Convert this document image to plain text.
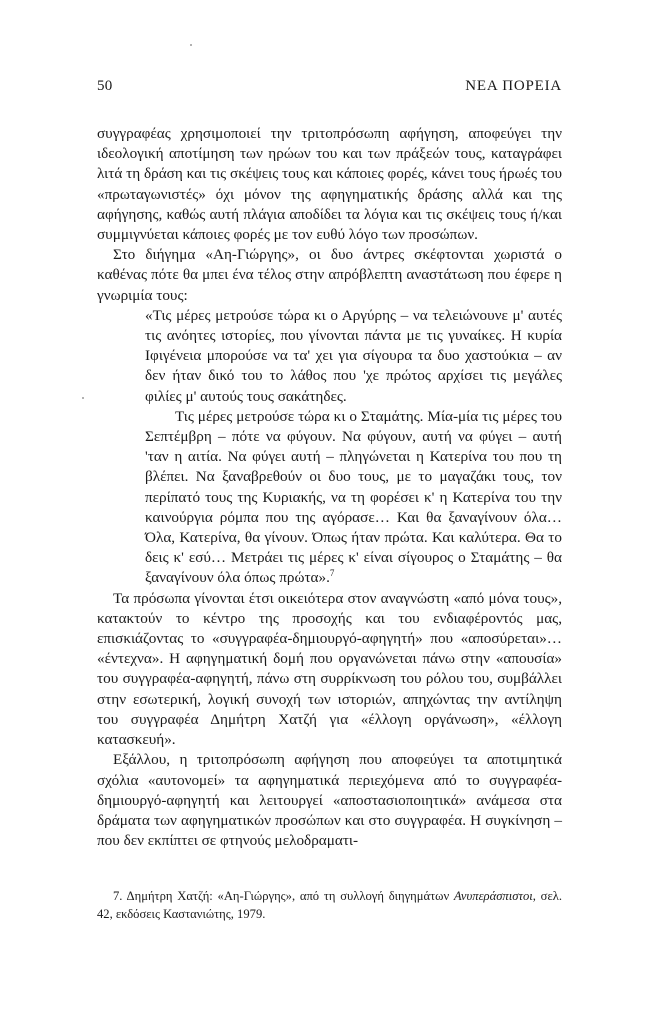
50	ΝΕΑ ΠΟΡΕΙΑ

συγγραφέας χρησιμοποιεί την τριτοπρόσωπη αφήγηση, αποφεύγει την ιδεολογική αποτίμηση των ηρώων του και των πράξεών τους, καταγράφει λιτά τη δράση και τις σκέψεις τους και κάποιες φορές, κάνει τους ήρωές του «πρωταγωνιστές» όχι μόνον της αφηγηματικής δράσης αλλά και της αφήγησης, καθώς αυτή πλάγια αποδίδει τα λόγια και τις σκέψεις τους ή/και συμμιγνύεται κάποιες φορές με τον ευθύ λόγο των προσώπων.

Στο διήγημα «Αη-Γιώργης», οι δυο άντρες σκέφτονται χωριστά ο καθένας πότε θα μπει ένα τέλος στην απρόβλεπτη αναστάτωση που έφερε η γνωριμία τους:

«Τις μέρες μετρούσε τώρα κι ο Αργύρης – να τελειώνουνε μ' αυτές τις ανόητες ιστορίες, που γίνονται πάντα με τις γυναίκες. Η κυρία Ιφιγένεια μπορούσε να τα' χει για σίγουρα τα δυο χαστούκια – αν δεν ήταν δικό του το λάθος που 'χε πρώτος αρχίσει τις μεγάλες φιλίες μ' αυτούς τους σακάτηδες.

Τις μέρες μετρούσε τώρα κι ο Σταμάτης. Μία-μία τις μέρες του Σεπτέμβρη – πότε να φύγουν. Να φύγουν, αυτή να φύγει – αυτή 'ταν η αιτία. Να φύγει αυτή – πληγώνεται η Κατερίνα του που τη βλέπει. Να ξαναβρεθούν οι δυο τους, με το μαγαζάκι τους, τον περίπατό τους της Κυριακής, να τη φορέσει κ' η Κατερίνα του την καινούργια ρόμπα που της αγόρασε… Και θα ξαναγίνουν όλα… Όλα, Κατερίνα, θα γίνουν. Όπως ήταν πρώτα. Και καλύτερα. Θα το δεις κ' εσύ… Μετράει τις μέρες κ' είναι σίγουρος ο Σταμάτης – θα ξαναγίνουν όλα όπως πρώτα».$^7$

Τα πρόσωπα γίνονται έτσι οικειότερα στον αναγνώστη «από μόνα τους», κατακτούν το κέντρο της προσοχής και του ενδιαφέροντός μας, επισκιάζοντας το «συγγραφέα-δημιουργό-αφηγητή» που «αποσύρεται»… «έντεχνα». Η αφηγηματική δομή που οργανώνεται πάνω στην «απουσία» του συγγραφέα-αφηγητή, πάνω στη συρρίκνωση του ρόλου του, συμβάλλει στην εσωτερική, λογική συνοχή των ιστοριών, απηχώντας την αντίληψη του συγγραφέα Δημήτρη Χατζή για «έλλογη οργάνωση», «έλλογη κατασκευή».

Εξάλλου, η τριτοπρόσωπη αφήγηση που αποφεύγει τα αποτιμητικά σχόλια «αυτονομεί» τα αφηγηματικά περιεχόμενα από το συγγραφέα-δημιουργό-αφηγητή και λειτουργεί «αποστασιοποιητικά» ανάμεσα στα δράματα των αφηγηματικών προσώπων και στο συγγραφέα. Η συγκίνηση – που δεν εκπίπτει σε φτηνούς μελοδραματι-

7. Δημήτρη Χατζή: «Αη-Γιώργης», από τη συλλογή διηγημάτων Ανυπεράσπιστοι, σελ. 42, εκδόσεις Καστανιώτης, 1979.
